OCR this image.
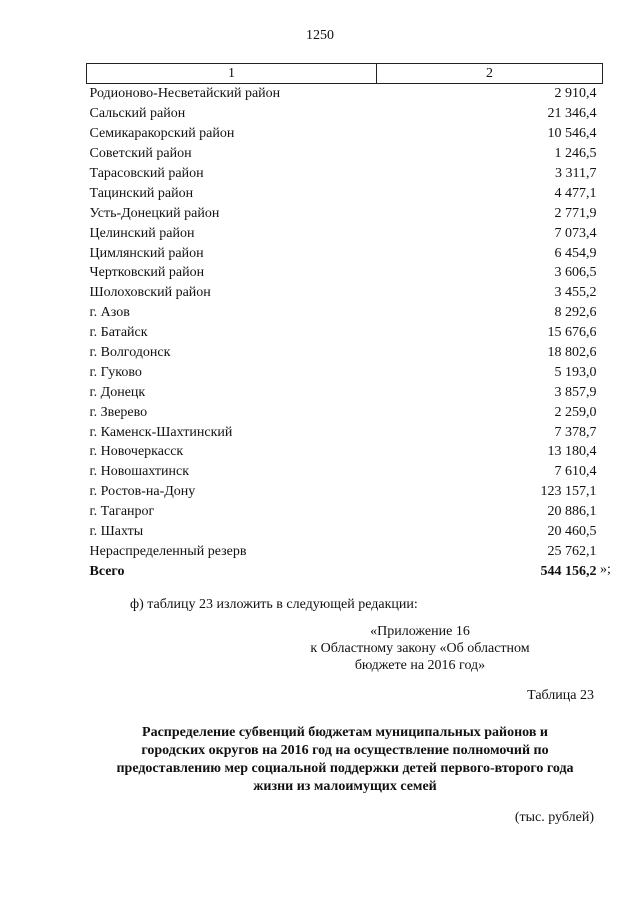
1250
1	2
Родионово-Несветайский район	2 910,4
Сальский район	21 346,4
Семикаракорский район	10 546,4
Советский район	1 246,5
Тарасовский район	3 311,7
Тацинский район	4 477,1
Усть-Донецкий район	2 771,9
Целинский район	7 073,4
Цимлянский район	6 454,9
Чертковский район	3 606,5
Шолоховский район	3 455,2
г. Азов	8 292,6
г. Батайск	15 676,6
г. Волгодонск	18 802,6
г. Гуково	5 193,0
г. Донецк	3 857,9
г. Зверево	2 259,0
г. Каменск-Шахтинский	7 378,7
г. Новочеркасск	13 180,4
г. Новошахтинск	7 610,4
г. Ростов-на-Дону	123 157,1
г. Таганрог	20 886,1
г. Шахты	20 460,5
Нераспределенный резерв	25 762,1
Всего	544 156,2 »;
ф) таблицу 23 изложить в следующей редакции:
«Приложение 16
к Областному закону «Об областном
бюджете на 2016 год»
Таблица 23
Распределение субвенций бюджетам муниципальных районов и
городских округов на 2016 год на осуществление полномочий по
предоставлению мер социальной поддержки детей первого-второго года
жизни из малоимущих семей
(тыс. рублей)
